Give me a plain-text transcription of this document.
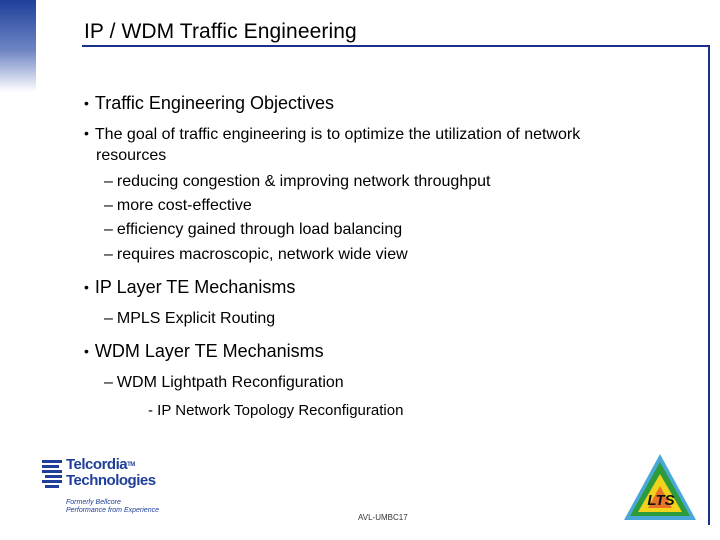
IP / WDM Traffic Engineering
• Traffic Engineering Objectives
• The goal of traffic engineering is to optimize the utilization of network
resources
– reducing congestion & improving network throughput
– more cost-effective
– efficiency gained through load balancing
– requires macroscopic, network wide view
• IP Layer TE Mechanisms
– MPLS Explicit Routing
• WDM Layer TE Mechanisms
– WDM Lightpath Reconfiguration
- IP Network Topology Reconfiguration
Telcordia™
Technologies
Formerly Bellcore
Performance from Experience
AVL-UMBC17
LTS
